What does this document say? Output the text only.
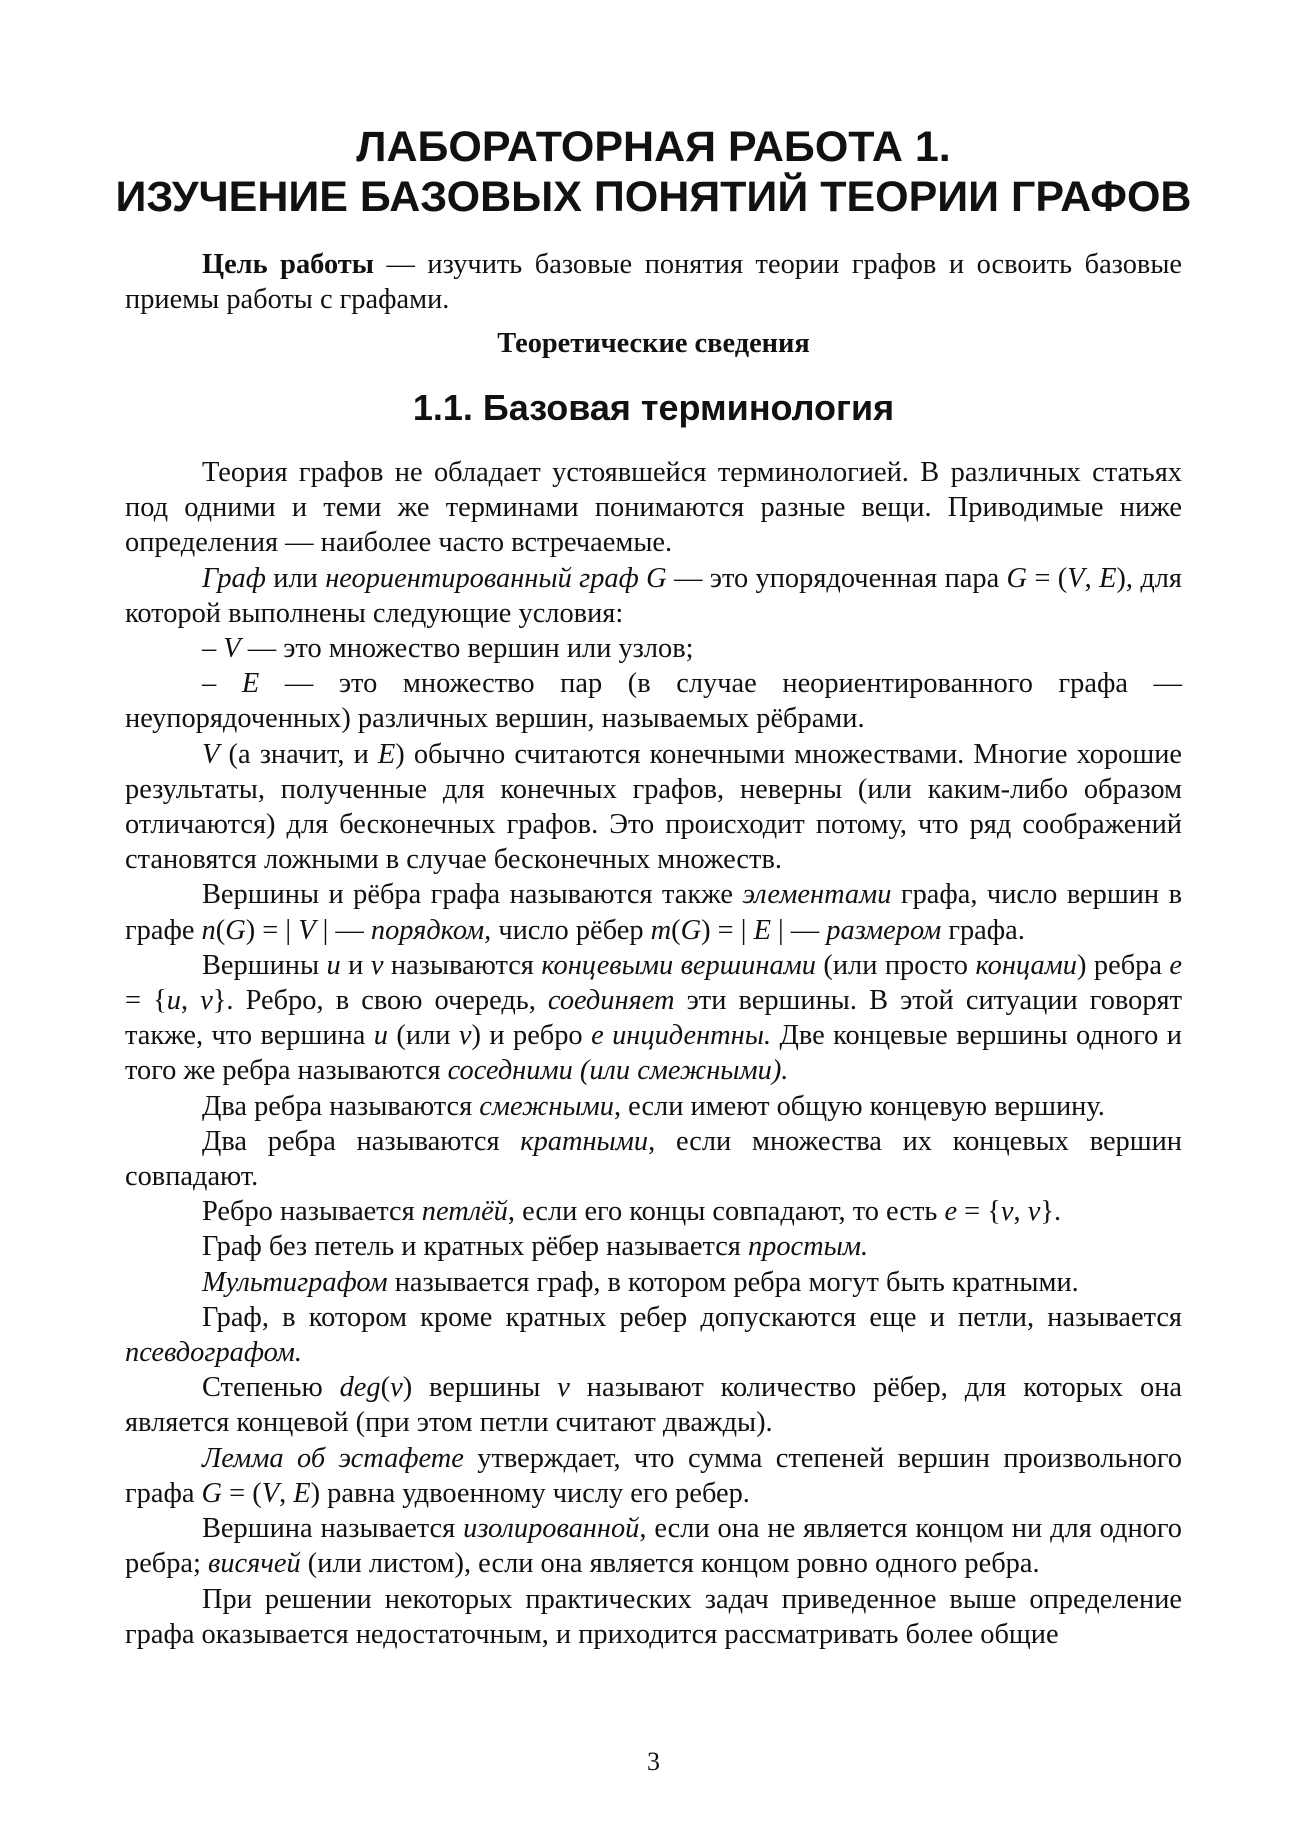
ЛАБОРАТОРНАЯ РАБОТА 1.
ИЗУЧЕНИЕ БАЗОВЫХ ПОНЯТИЙ ТЕОРИИ ГРАФОВ

Цель работы — изучить базовые понятия теории графов и освоить базовые приемы работы с графами.

Теоретические сведения
1.1. Базовая терминология

Теория графов не обладает устоявшейся терминологией. В различных статьях под одними и теми же терминами понимаются разные вещи. Приводимые ниже определения — наиболее часто встречаемые.

Граф или неориентированный граф G — это упорядоченная пара G = (V, E), для которой выполнены следующие условия:

– V — это множество вершин или узлов;

– E — это множество пар (в случае неориентированного графа — неупорядоченных) различных вершин, называемых рёбрами.

V (а значит, и E) обычно считаются конечными множествами. Многие хорошие результаты, полученные для конечных графов, неверны (или каким-либо образом отличаются) для бесконечных графов. Это происходит потому, что ряд соображений становятся ложными в случае бесконечных множеств.

Вершины и рёбра графа называются также элементами графа, число вершин в графе n(G) = | V | — порядком, число рёбер m(G) = | E | — размером графа.

Вершины u и v называются концевыми вершинами (или просто концами) ребра e = {u, v}. Ребро, в свою очередь, соединяет эти вершины. В этой ситуации говорят также, что вершина u (или v) и ребро e инцидентны. Две концевые вершины одного и того же ребра называются соседними (или смежными).

Два ребра называются смежными, если имеют общую концевую вершину.

Два ребра называются кратными, если множества их концевых вершин совпадают.

Ребро называется петлёй, если его концы совпадают, то есть e = {v, v}.

Граф без петель и кратных рёбер называется простым.

Мультиграфом называется граф, в котором ребра могут быть кратными.

Граф, в котором кроме кратных ребер допускаются еще и петли, называется псевдографом.

Степенью deg(v) вершины v называют количество рёбер, для которых она является концевой (при этом петли считают дважды).

Лемма об эстафете утверждает, что сумма степеней вершин произвольного графа G = (V, E) равна удвоенному числу его ребер.

Вершина называется изолированной, если она не является концом ни для одного ребра; висячей (или листом), если она является концом ровно одного ребра.

При решении некоторых практических задач приведенное выше определение графа оказывается недостаточным, и приходится рассматривать более общие

3
